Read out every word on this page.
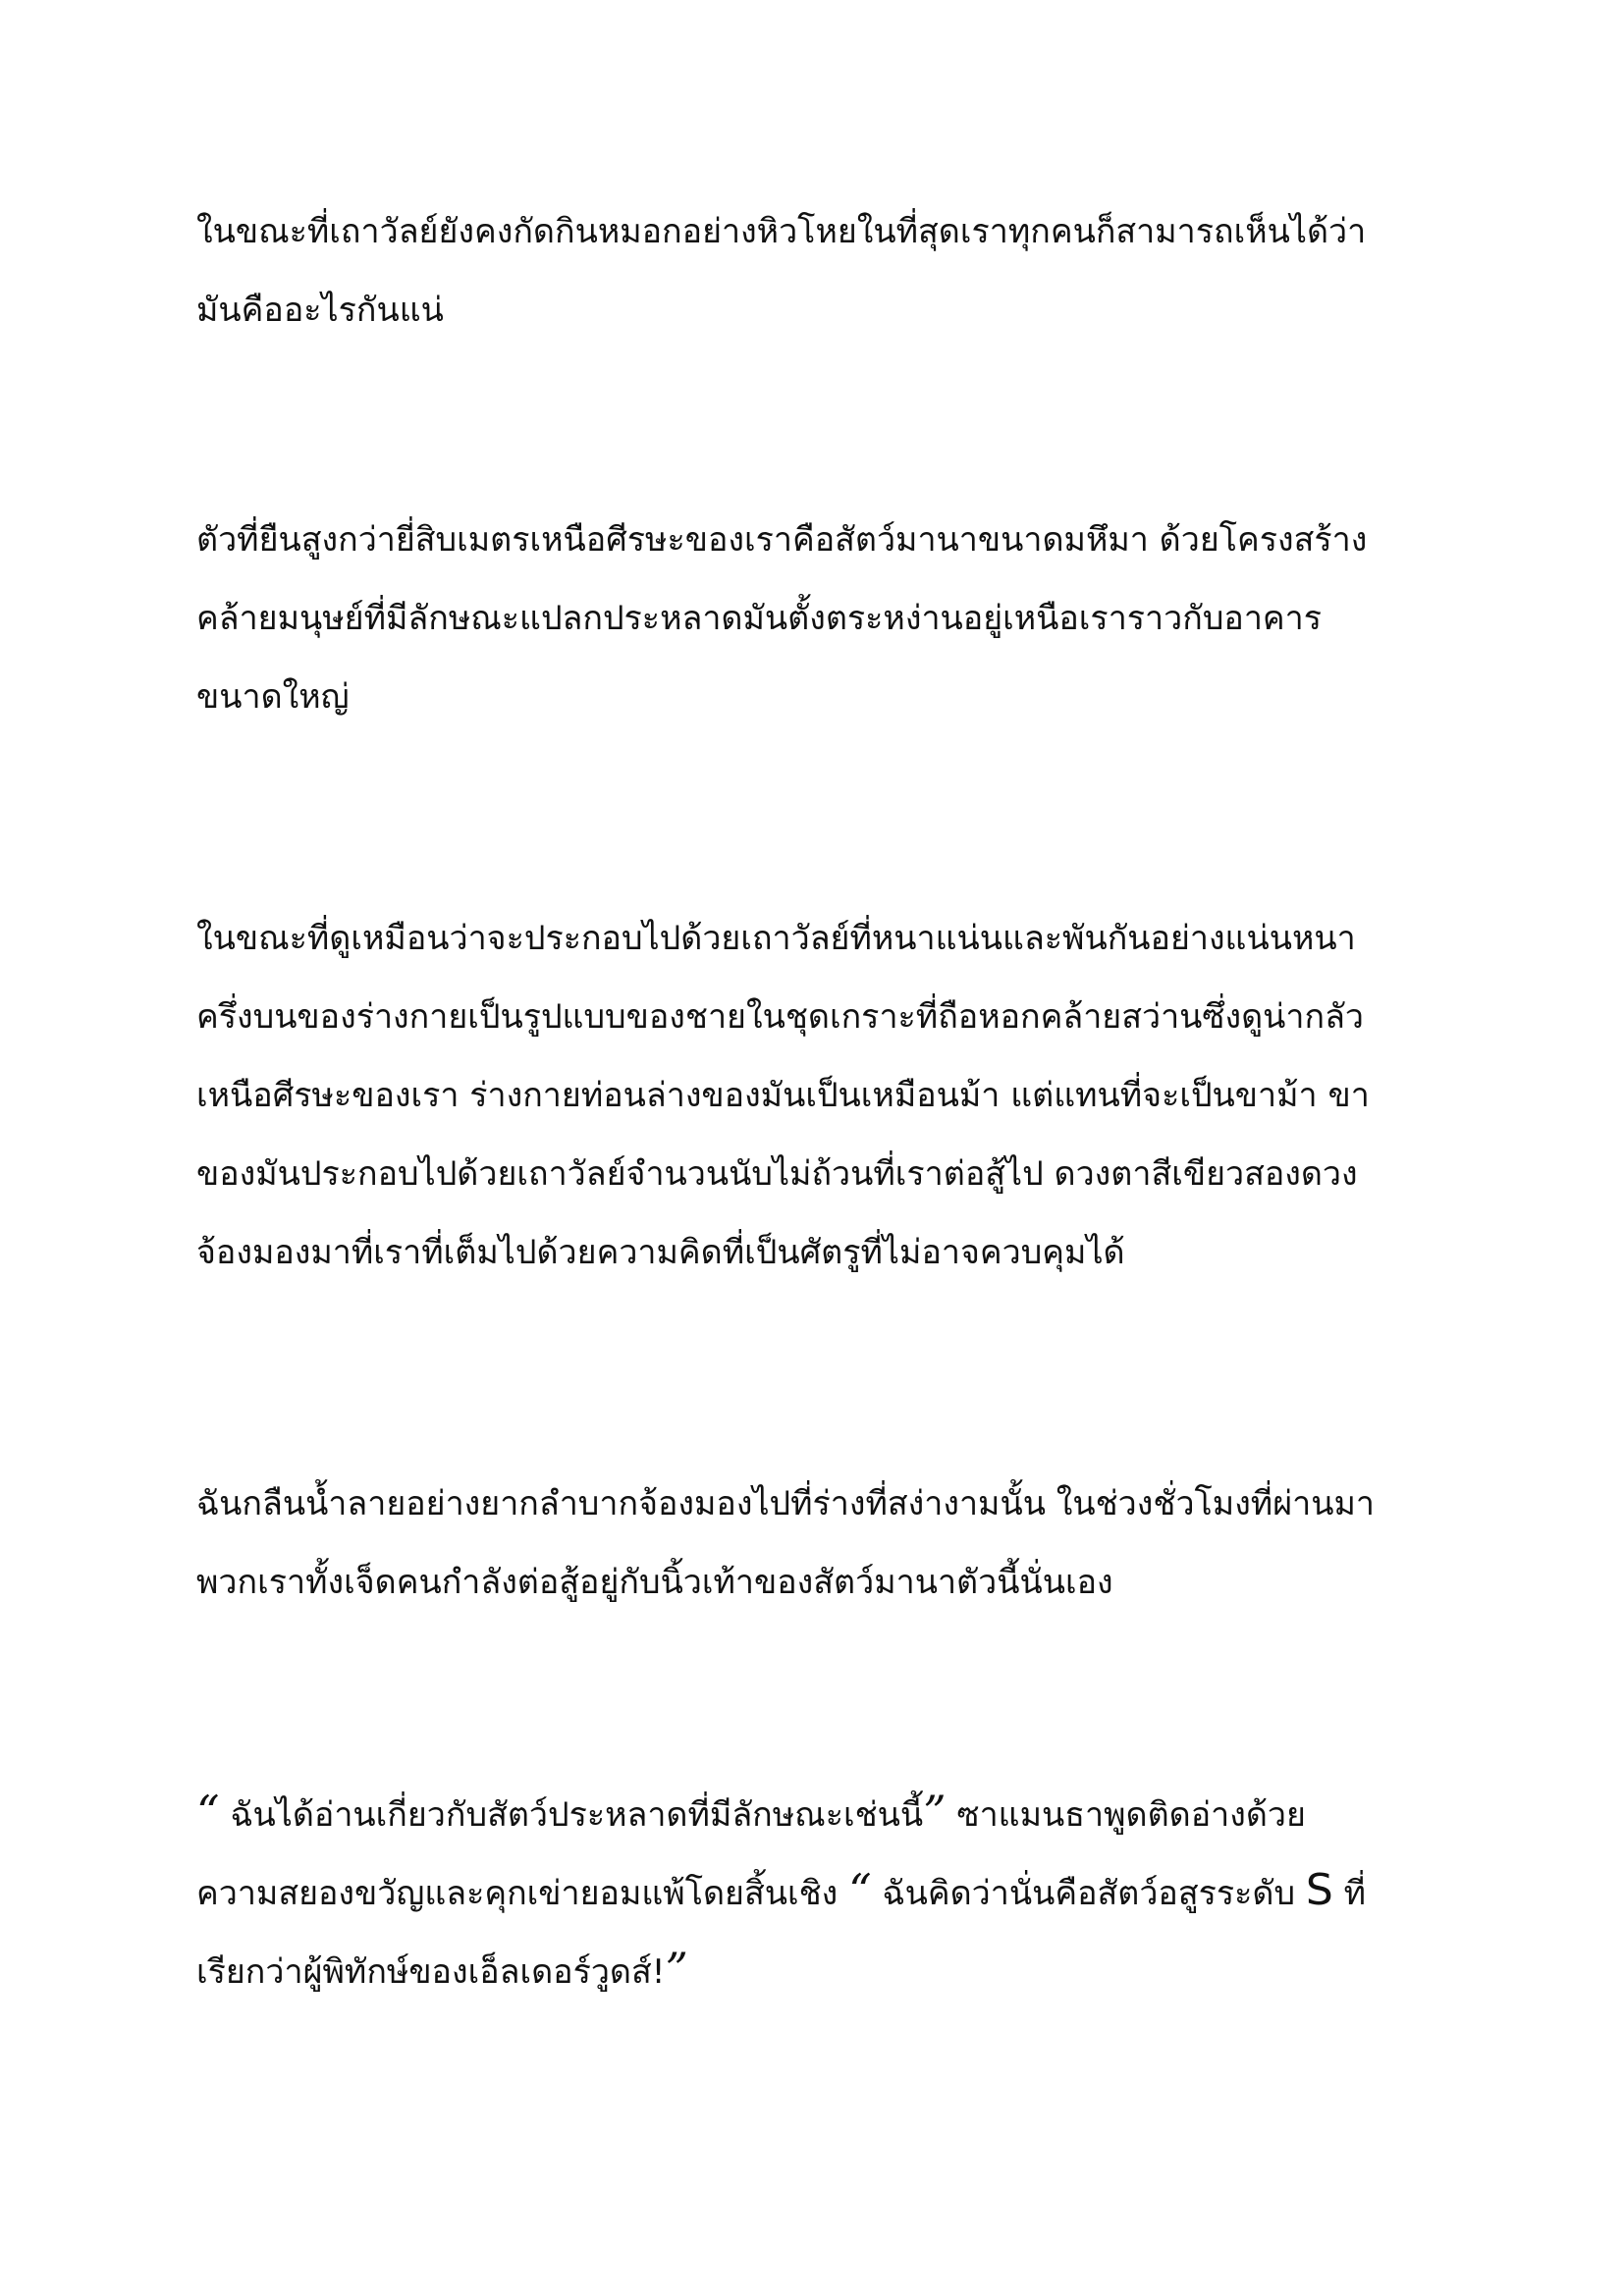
ในขณะที่เถาวัลย์ยังคงกัดกินหมอกอย่างหิวโหยในที่สุดเราทุกคนก็สามารถเห็นได้ว่า
มันคืออะไรกันแน่
ตัวที่ยืนสูงกว่ายี่สิบเมตรเหนือศีรษะของเราคือสัตว์มานาขนาดมหึมา ด้วยโครงสร้าง
คล้ายมนุษย์ที่มีลักษณะแปลกประหลาดมันตั้งตระหง่านอยู่เหนือเราราวกับอาคาร
ขนาดใหญ่
ในขณะที่ดูเหมือนว่าจะประกอบไปด้วยเถาวัลย์ที่หนาแน่นและพันกันอย่างแน่นหนา
ครึ่งบนของร่างกายเป็นรูปแบบของชายในชุดเกราะที่ถือหอกคล้ายสว่านซึ่งดูน่ากลัว
เหนือศีรษะของเรา ร่างกายท่อนล่างของมันเป็นเหมือนม้า แต่แทนที่จะเป็นขาม้า ขา
ของมันประกอบไปด้วยเถาวัลย์จำนวนนับไม่ถ้วนที่เราต่อสู้ไป ดวงตาสีเขียวสองดวง
จ้องมองมาที่เราที่เต็มไปด้วยความคิดที่เป็นศัตรูที่ไม่อาจควบคุมได้
ฉันกลืนน้ำลายอย่างยากลำบากจ้องมองไปที่ร่างที่สง่างามนั้น ในช่วงชั่วโมงที่ผ่านมา
พวกเราทั้งเจ็ดคนกำลังต่อสู้อยู่กับนิ้วเท้าของสัตว์มานาตัวนี้นั่นเอง
“ ฉันได้อ่านเกี่ยวกับสัตว์ประหลาดที่มีลักษณะเช่นนี้” ซาแมนธาพูดติดอ่างด้วย
ความสยองขวัญและคุกเข่ายอมแพ้โดยสิ้นเชิง “ ฉันคิดว่านั่นคือสัตว์อสูรระดับ S ที่
เรียกว่าผู้พิทักษ์ของเอ็ลเดอร์วูดส์!”
